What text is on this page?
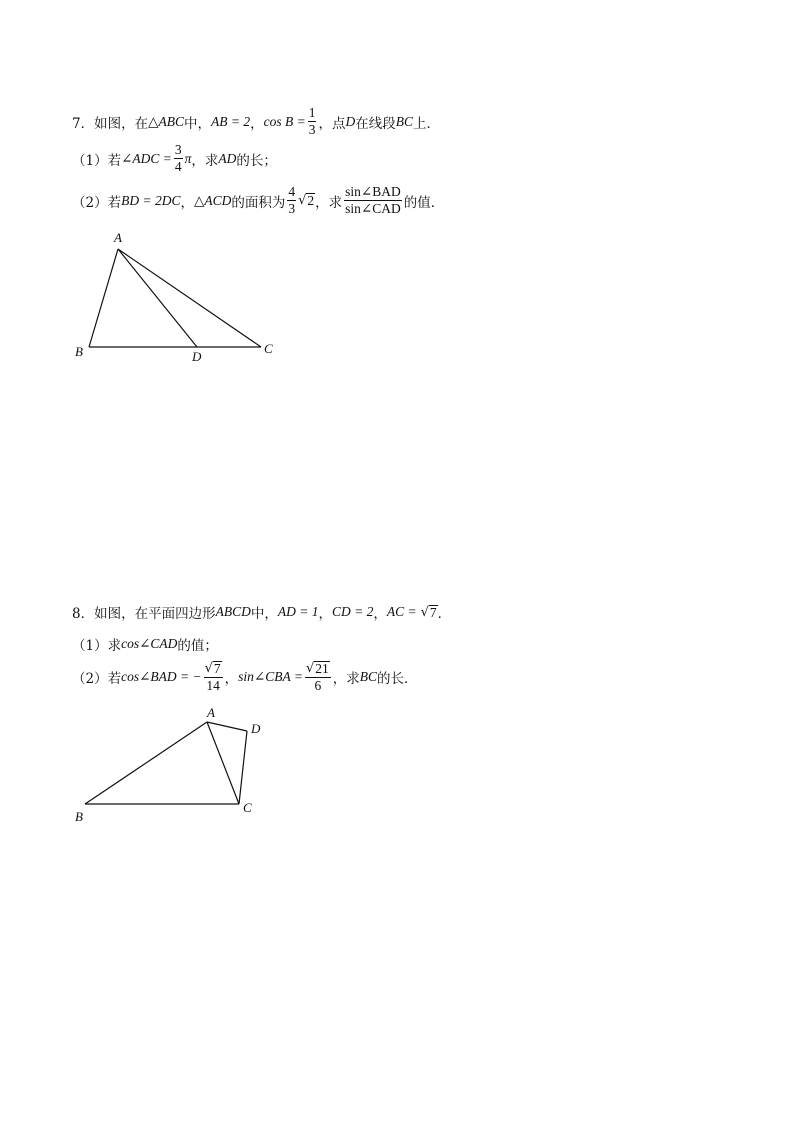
7．如图，在 △ABC 中， AB = 2 ， $\cos B = \frac{1}{3}$ ，点 D 在线段 BC 上．
（1）若 ∠ADC = $\frac{3}{4}$ π ，求 AD 的长；
（2）若 BD = 2DC ， △ACD 的面积为 $\frac{4}{3}$ √ 2 ，求 $\frac{\text{sin∠BAD}}{\text{sin∠CAD}}$ 的值．
A
B	D
C
8．如图，在平面四边形 ABCD 中， AD = 1 ， CD = 2 ， AC = √ 7 ．
（1）求 cos∠CAD 的值；
（2）若 cos∠BAD = − $\frac{√ 7}{14}$ ， sin∠CBA = $\frac{√ 21}{6}$ ，求 BC 的长．
A
D
B
C
